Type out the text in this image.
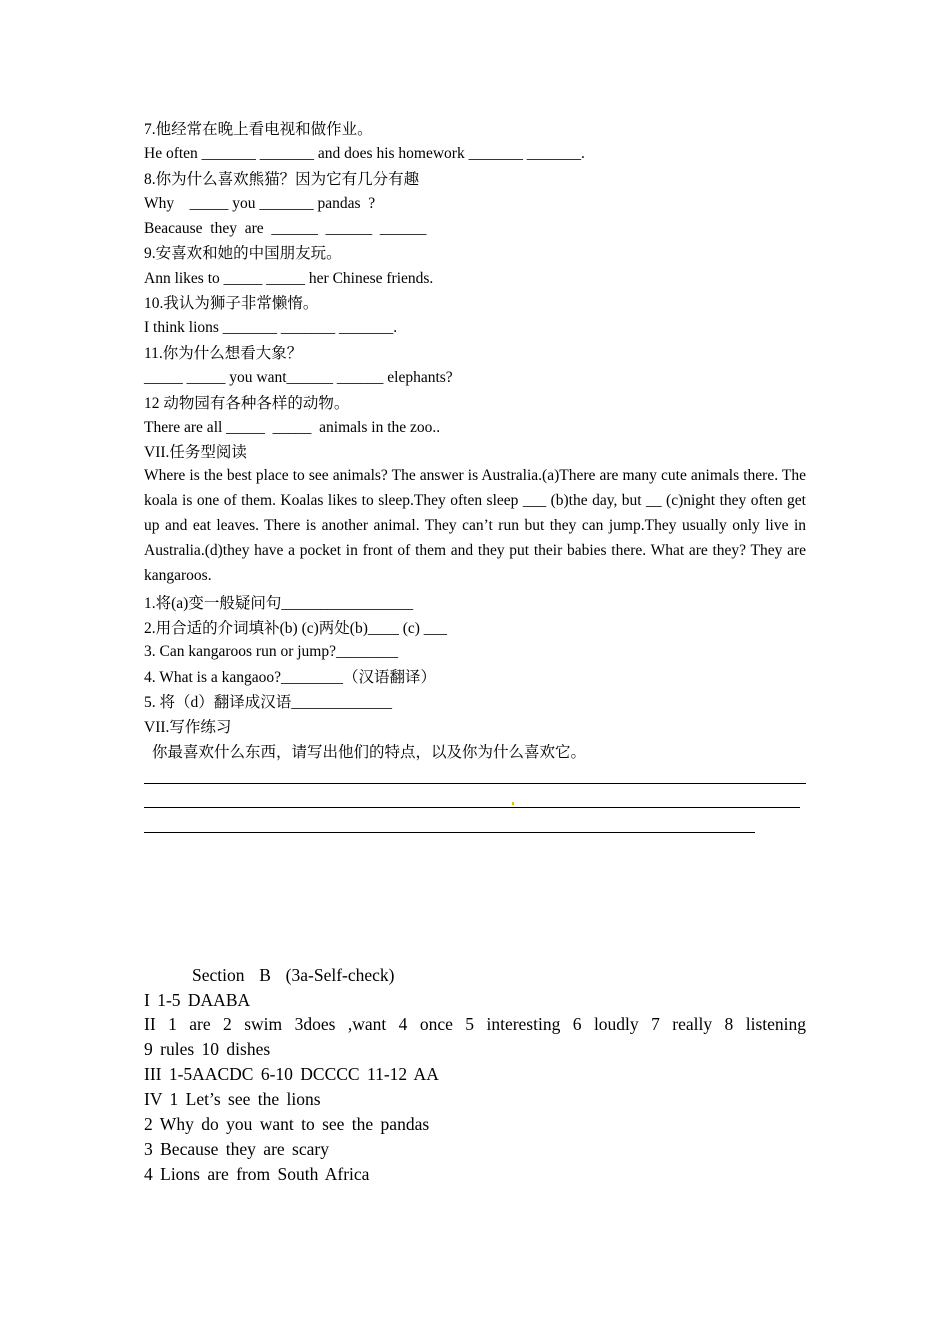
7.他经常在晚上看电视和做作业。

He often _______ _______ and does his homework _______ _______.

8.你为什么喜欢熊猫？因为它有几分有趣

Why    _____ you _______ pandas  ?

Beacause  they  are  ______  ______  ______

9.安喜欢和她的中国朋友玩。

Ann likes to _____ _____ her Chinese friends.

10.我认为狮子非常懒惰。

I think lions _______ _______ _______.

11.你为什么想看大象？

_____ _____ you want______ ______ elephants?

12 动物园有各种各样的动物。

There are all _____  _____  animals in the zoo..

VII.任务型阅读

Where is the best place to see animals? The answer is Australia.(a)There are many cute animals there. The koala is one of them. Koalas likes to sleep.They often sleep ___ (b)the day, but __ (c)night they often get up and eat leaves. There is another animal. They can’t run but they can jump.They usually only live in Australia.(d)they have a pocket in front of them and they put their babies there. What are they? They are kangaroos.

1.将(a)变一般疑问句_________________

2.用合适的介词填补(b) (c)两处(b)____ (c) ___

3. Can kangaroos run or jump?________

4. What is a kangaoo?________（汉语翻译）

5. 将（d）翻译成汉语_____________

VII.写作练习

你最喜欢什么东西，请写出他们的特点，以及你为什么喜欢它。

Section  B  (3a-Self-check)

I 1-5 DAABA

II 1 are 2 swim 3does ,want 4 once 5 interesting 6 loudly 7 really 8 listening

9 rules 10 dishes

III 1-5AACDC 6-10 DCCCC 11-12 AA

IV 1 Let’s see the lions

2 Why do you want to see the pandas

3 Because they are scary

4 Lions are from South Africa
